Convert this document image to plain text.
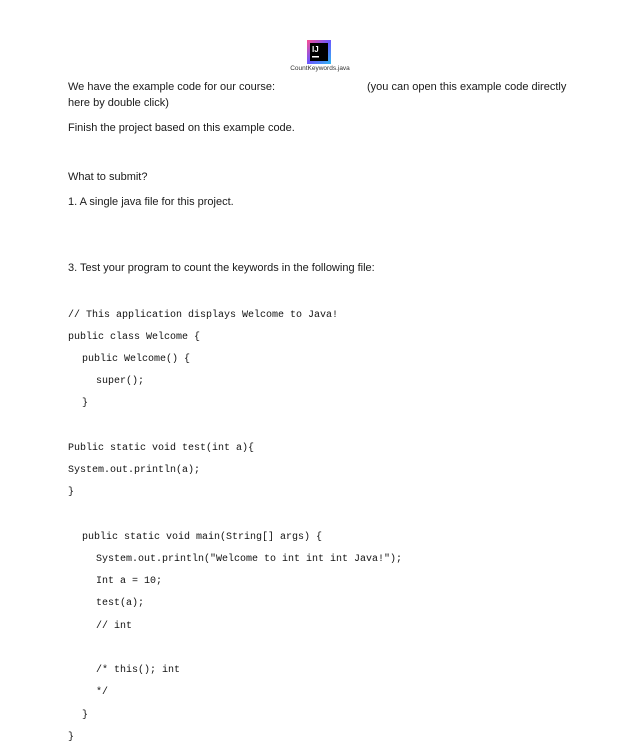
IJ
CountKeywords.java
We have the example code for our course:	(you can open this example code directly
here by double click)
Finish the project based on this example code.
What to submit?
1. A single java file for this project.
3. Test your program to count the keywords in the following file:
// This application displays Welcome to Java!
public class Welcome {
public Welcome() {
super();
}
Public static void test(int a){
System.out.println(a);
}
public static void main(String[] args) {
System.out.println("Welcome to int int int Java!");
Int a = 10;
test(a);
// int
/* this(); int
*/
}
}
